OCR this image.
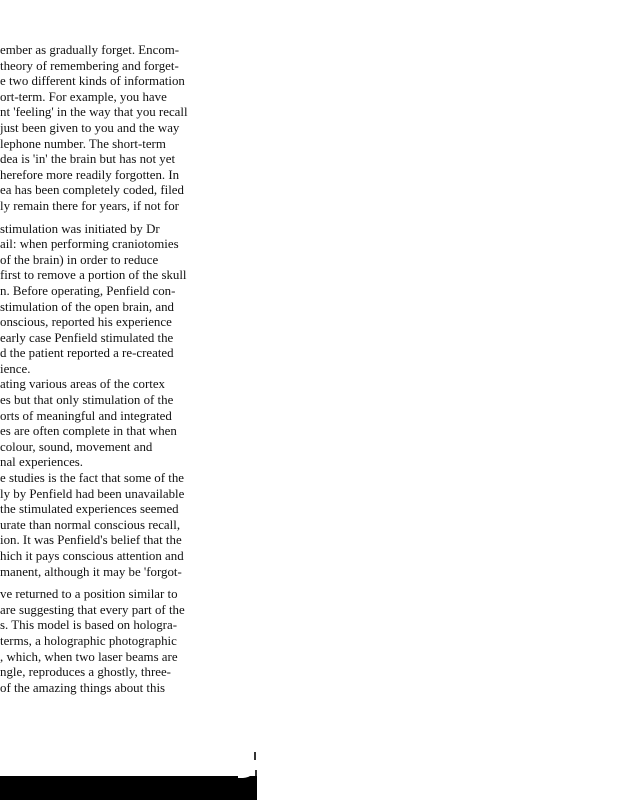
ember as gradually forget. Encom-
theory of remembering and forget-
e two different kinds of information
ort-term. For example, you have
nt 'feeling' in the way that you recall
just been given to you and the way
lephone number. The short-term
dea is 'in' the brain but has not yet
herefore more readily forgotten. In
ea has been completely coded, filed
ly remain there for years, if not for
stimulation was initiated by Dr
ail: when performing craniotomies
of the brain) in order to reduce
first to remove a portion of the skull
n. Before operating, Penfield con-
stimulation of the open brain, and
onscious, reported his experience
early case Penfield stimulated the
d the patient reported a re-created
ience.
ating various areas of the cortex
es but that only stimulation of the
orts of meaningful and integrated
es are often complete in that when
colour, sound, movement and
nal experiences.
e studies is the fact that some of the
ly by Penfield had been unavailable
the stimulated experiences seemed
urate than normal conscious recall,
ion. It was Penfield's belief that the
hich it pays conscious attention and
manent, although it may be 'forgot-
ve returned to a position similar to
are suggesting that every part of the
s. This model is based on hologra-
terms, a holographic photographic
, which, when two laser beams are
ngle, reproduces a ghostly, three-
of the amazing things about this
